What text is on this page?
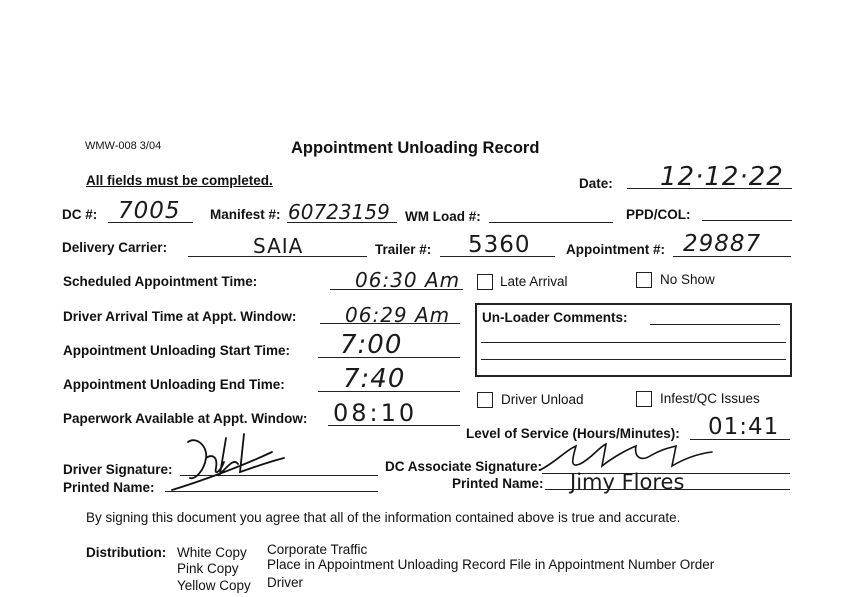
WMW-008 3/04	Appointment Unloading Record
All fields must be completed.	Date: 12·12·22
DC #: 7005 Manifest #: 60723159 WM Load #:	PPD/COL:
Delivery Carrier:	SAIA	Trailer #: 5360	Appointment #: 29887
Scheduled Appointment Time:	06:30 Am	Late Arrival	No Show
Driver Arrival Time at Appt. Window: 06:29 Am
Appointment Unloading Start Time: 7:00
Appointment Unloading End Time: 7:40
Paperwork Available at Appt. Window: 08:10
Un-Loader Comments:
Driver Unload	Infest/QC Issues
Level of Service (Hours/Minutes): 01:41
Driver Signature:
Printed Name:
DC Associate Signature:
Printed Name: Jimy Flores
By signing this document you agree that all of the information contained above is true and accurate.
Distribution: White Copy Corporate Traffic
Pink Copy Place in Appointment Unloading Record File in Appointment Number Order
Yellow Copy Driver
